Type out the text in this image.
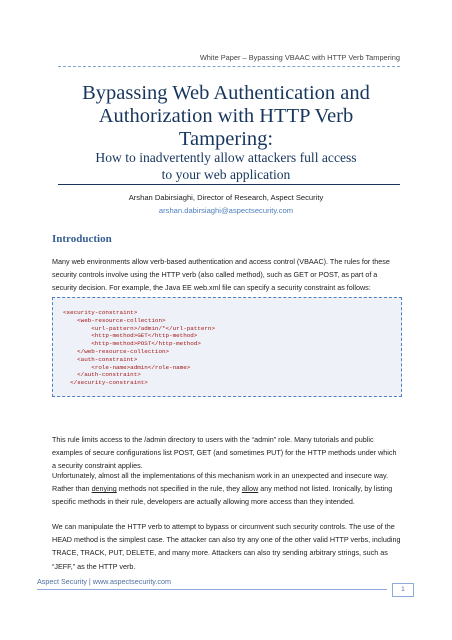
White Paper – Bypassing VBAAC with HTTP Verb Tampering
Bypassing Web Authentication and
Authorization with HTTP Verb
Tampering:
How to inadvertently allow attackers full access
to your web application
Arshan Dabirsiaghi, Director of Research, Aspect Security
arshan.dabirsiaghi@aspectsecurity.com
Introduction
Many web environments allow verb-based authentication and access control (VBAAC). The rules for these security controls involve using the HTTP verb (also called method), such as GET or POST, as part of a security decision. For example, the Java EE web.xml file can specify a security constraint as follows:
<security-constraint>
<web-resource-collection>
<url-pattern>/admin/*</url-pattern>
<http-method>GET</http-method>
<http-method>POST</http-method>
</web-resource-collection>
<auth-constraint>
<role-name>admin</role-name>
</auth-constraint>
</security-constraint>
This rule limits access to the /admin directory to users with the “admin” role. Many tutorials and public examples of secure configurations list POST, GET (and sometimes PUT) for the HTTP methods under which a security constraint applies.
Unfortunately, almost all the implementations of this mechanism work in an unexpected and insecure way. Rather than denying methods not specified in the rule, they allow any method not listed. Ironically, by listing specific methods in their rule, developers are actually allowing more access than they intended.
We can manipulate the HTTP verb to attempt to bypass or circumvent such security controls. The use of the HEAD method is the simplest case. The attacker can also try any one of the other valid HTTP verbs, including TRACE, TRACK, PUT, DELETE, and many more. Attackers can also try sending arbitrary strings, such as “JEFF,” as the HTTP verb.
Aspect Security | www.aspectsecurity.com
1
